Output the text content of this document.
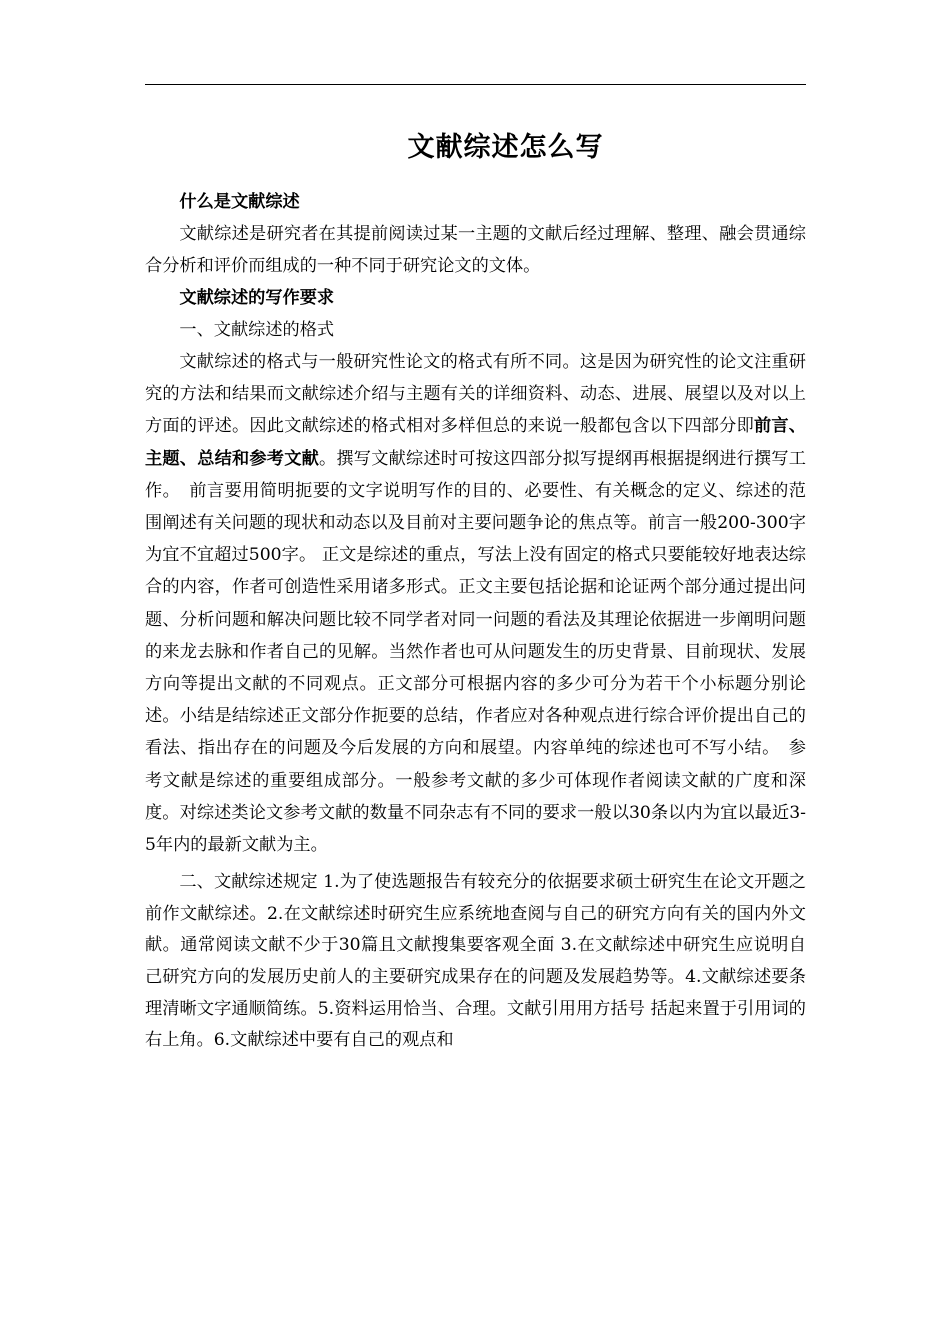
文献综述怎么写

什么是文献综述

文献综述是研究者在其提前阅读过某一主题的文献后经过理解、整理、融会贯通综合分析和评价而组成的一种不同于研究论文的文体。

文献综述的写作要求

一、文献综述的格式

文献综述的格式与一般研究性论文的格式有所不同。这是因为研究性的论文注重研究的方法和结果而文献综述介绍与主题有关的详细资料、动态、进展、展望以及对以上方面的评述。因此文献综述的格式相对多样但总的来说一般都包含以下四部分即前言、主题、总结和参考文献。撰写文献综述时可按这四部分拟写提纲再根据提纲进行撰写工作。　前言要用简明扼要的文字说明写作的目的、必要性、有关概念的定义、综述的范围阐述有关问题的现状和动态以及目前对主要问题争论的焦点等。前言一般200-300字为宜不宜超过500字。 正文是综述的重点，写法上没有固定的格式只要能较好地表达综合的内容，作者可创造性采用诸多形式。正文主要包括论据和论证两个部分通过提出问题、分析问题和解决问题比较不同学者对同一问题的看法及其理论依据进一步阐明问题的来龙去脉和作者自己的见解。当然作者也可从问题发生的历史背景、目前现状、发展方向等提出文献的不同观点。正文部分可根据内容的多少可分为若干个小标题分别论述。小结是结综述正文部分作扼要的总结，作者应对各种观点进行综合评价提出自己的看法、指出存在的问题及今后发展的方向和展望。内容单纯的综述也可不写小结。　参考文献是综述的重要组成部分。一般参考文献的多少可体现作者阅读文献的广度和深度。对综述类论文参考文献的数量不同杂志有不同的要求一般以30条以内为宜以最近3-5年内的最新文献为主。

二、文献综述规定 1.为了使选题报告有较充分的依据要求硕士研究生在论文开题之前作文献综述。2.在文献综述时研究生应系统地查阅与自己的研究方向有关的国内外文献。通常阅读文献不少于30篇且文献搜集要客观全面 3.在文献综述中研究生应说明自己研究方向的发展历史前人的主要研究成果存在的问题及发展趋势等。4.文献综述要条理清晰文字通顺简练。5.资料运用恰当、合理。文献引用用方括号 括起来置于引用词的右上角。6.文献综述中要有自己的观点和
